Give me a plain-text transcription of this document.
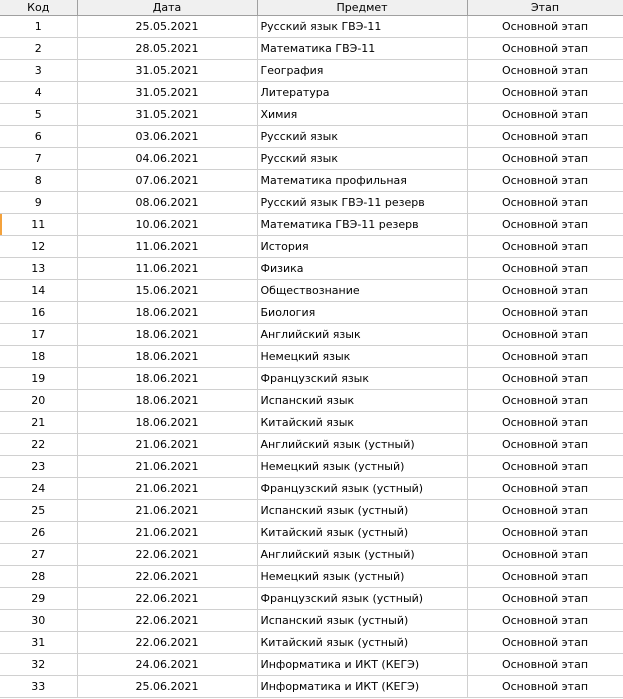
Код	Дата	Предмет	Этап
1	25.05.2021	Русский язык ГВЭ-11	Основной этап
2	28.05.2021	Математика ГВЭ-11	Основной этап
3	31.05.2021	География	Основной этап
4	31.05.2021	Литература	Основной этап
5	31.05.2021	Химия	Основной этап
6	03.06.2021	Русский язык	Основной этап
7	04.06.2021	Русский язык	Основной этап
8	07.06.2021	Математика профильная	Основной этап
9	08.06.2021	Русский язык ГВЭ-11 резерв	Основной этап
11	10.06.2021	Математика ГВЭ-11 резерв	Основной этап
12	11.06.2021	История	Основной этап
13	11.06.2021	Физика	Основной этап
14	15.06.2021	Обществознание	Основной этап
16	18.06.2021	Биология	Основной этап
17	18.06.2021	Английский язык	Основной этап
18	18.06.2021	Немецкий язык	Основной этап
19	18.06.2021	Французский язык	Основной этап
20	18.06.2021	Испанский язык	Основной этап
21	18.06.2021	Китайский язык	Основной этап
22	21.06.2021	Английский язык (устный)	Основной этап
23	21.06.2021	Немецкий язык (устный)	Основной этап
24	21.06.2021	Французский язык (устный)	Основной этап
25	21.06.2021	Испанский язык (устный)	Основной этап
26	21.06.2021	Китайский язык (устный)	Основной этап
27	22.06.2021	Английский язык (устный)	Основной этап
28	22.06.2021	Немецкий язык (устный)	Основной этап
29	22.06.2021	Французский язык (устный)	Основной этап
30	22.06.2021	Испанский язык (устный)	Основной этап
31	22.06.2021	Китайский язык (устный)	Основной этап
32	24.06.2021	Информатика и ИКТ (КЕГЭ)	Основной этап
33	25.06.2021	Информатика и ИКТ (КЕГЭ)	Основной этап
